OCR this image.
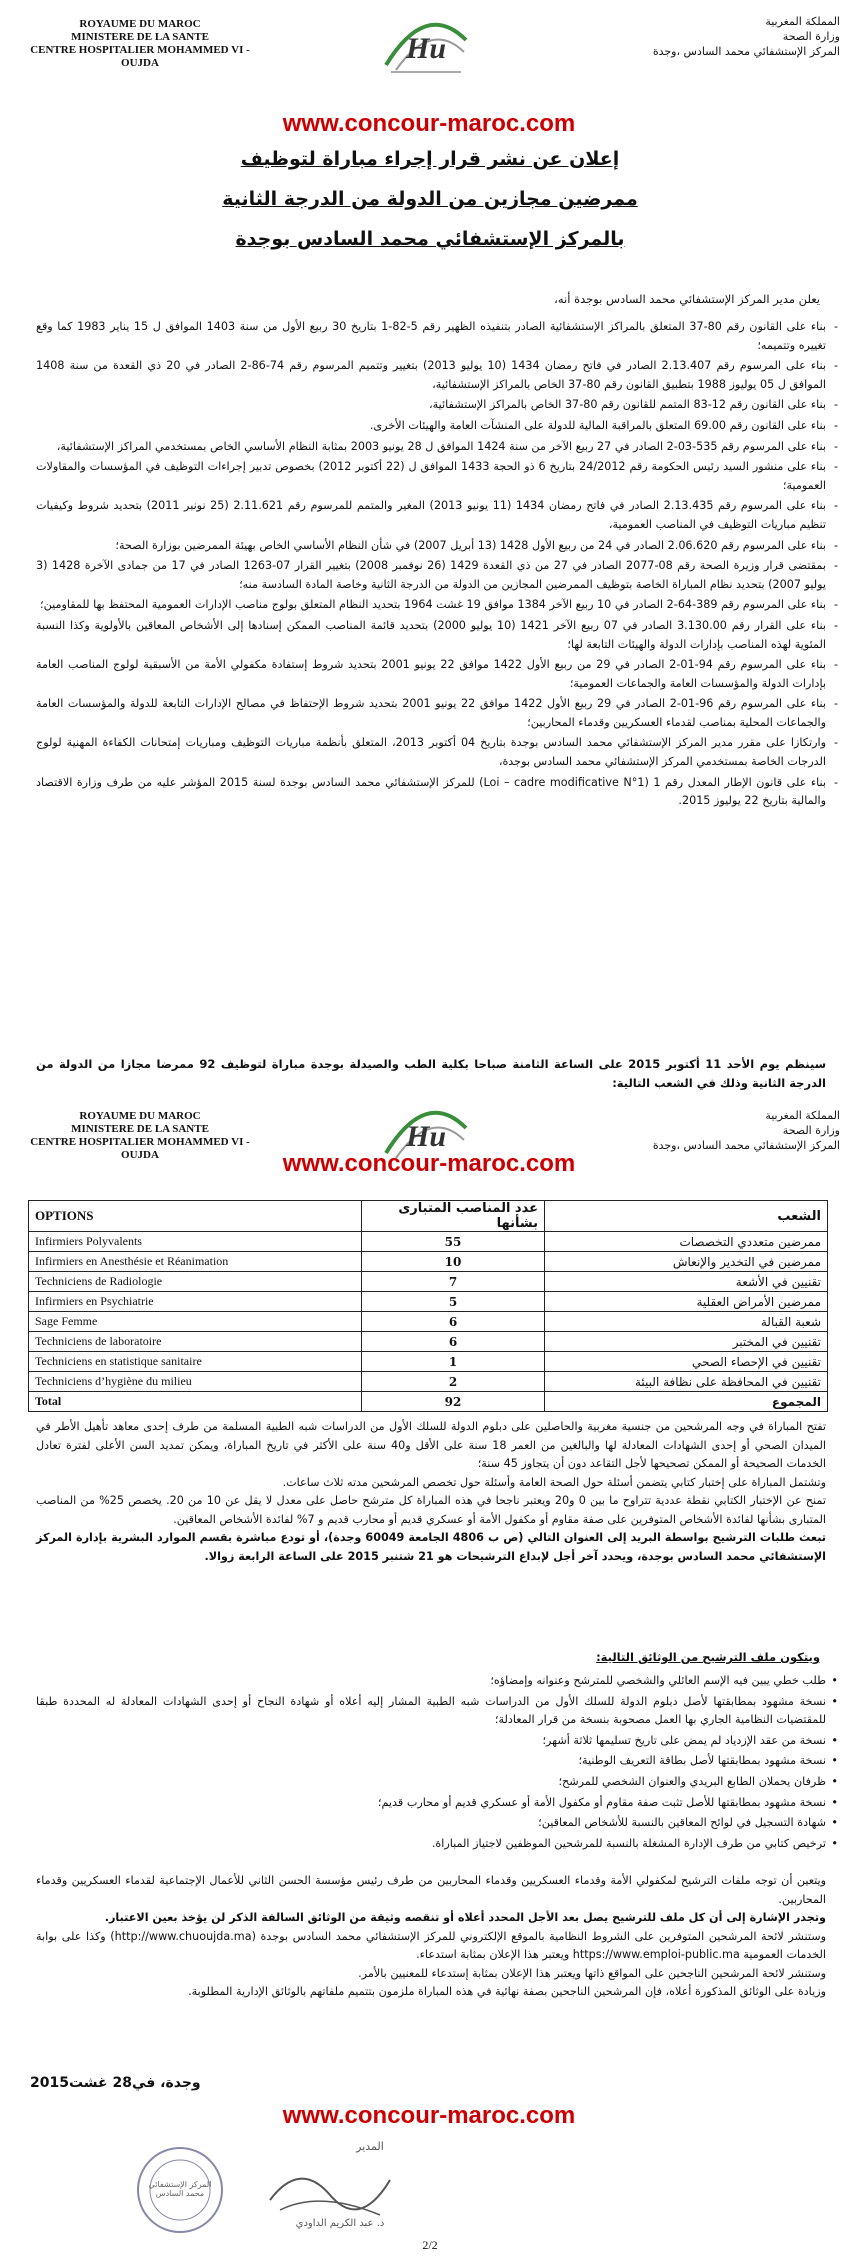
ROYAUME DU MAROC
MINISTERE DE LA SANTE
CENTRE HOSPITALIER MOHAMMED VI - OUJDA	Hu
المملكة المغربية
وزارة الصحة
المركز الإستشفائي محمد السادس ،وجدة
www.concour-maroc.com
إعلان عن نشر قرار إجراء مباراة لتوظيف
ممرضين مجازين من الدولة من الدرجة الثانية
بالمركز الإستشفائي محمد السادس بوجدة
يعلن مدير المركز الإستشفائي محمد السادس بوجدة أنه،
- بناء على القانون رقم 80-37 المتعلق بالمراكز الإستشفائية الصادر بتنفيذه الظهير رقم 5-82-1 بتاريخ 30 ربيع الأول من سنة 1403 الموافق ل 15 يناير 1983 كما وقع تغييره وتتميمه؛
- بناء على المرسوم رقم 2.13.407 الصادر في فاتح رمضان 1434 (10 يوليو 2013) بتغيير وتتميم المرسوم رقم 74-86-2 الصادر في 20 ذي القعدة من سنة 1408 الموافق ل 05 يوليوز 1988 بتطبيق القانون رقم 80-37 الخاص بالمراكز الإستشفائية،
- بناء على القانون رقم 12-83 المتمم للقانون رقم 80-37 الخاص بالمراكز الإستشفائية،
- بناء على القانون رقم 69.00 المتعلق بالمراقبة المالية للدولة على المنشآت العامة والهيئات الأخرى.
- بناء على المرسوم رقم 535-03-2 الصادر في 27 ربيع الآخر من سنة 1424 الموافق ل 28 يونيو 2003 بمثابة النظام الأساسي الخاص بمستخدمي المراكز الإستشفائية،
- بناء على منشور السيد رئيس الحكومة رقم 24/2012 بتاريخ 6 ذو الحجة 1433 الموافق ل (22 أكتوبر 2012) بخصوص تدبير إجراءات التوظيف في المؤسسات والمقاولات العمومية؛
- بناء على المرسوم رقم 2.13.435 الصادر في فاتح رمضان 1434 (11 يونيو 2013) المغير والمتمم للمرسوم رقم 2.11.621 (25 نونبر 2011) بتحديد شروط وكيفيات تنظيم مباريات التوظيف في المناصب العمومية،
- بناء على المرسوم رقم 2.06.620 الصادر في 24 من ربيع الأول 1428 (13 أبريل 2007) في شأن النظام الأساسي الخاص بهيئة الممرضين بوزارة الصحة؛
- بمقتضى قرار وزيرة الصحة رقم 08-2077 الصادر في 27 من ذي القعدة 1429 (26 نوفمبر 2008) بتغيير القرار 07-1263 الصادر في 17 من جمادى الآخرة 1428 (3 يوليو 2007) بتحديد نظام المباراة الخاصة بتوظيف الممرضين المجازين من الدولة من الدرجة الثانية وخاصة المادة السادسة منه؛
- بناء على المرسوم رقم 389-64-2 الصادر في 10 ربيع الآخر 1384 موافق 19 غشت 1964 بتحديد النظام المتعلق بولوج مناصب الإدارات العمومية المحتفظ بها للمقاومين؛
- بناء على القرار رقم 3.130.00 الصادر في 07 ربيع الآخر 1421 (10 يوليو 2000) بتحديد قائمة المناصب الممكن إسنادها إلى الأشخاص المعاقين بالأولوية وكذا النسبة المئوية لهذه المناصب بإدارات الدولة والهيئات التابعة لها؛
- بناء على المرسوم رقم 94-01-2 الصادر في 29 من ربيع الأول 1422 موافق 22 يونيو 2001 بتحديد شروط إستفادة مكفولي الأمة من الأسبقية لولوج المناصب العامة بإدارات الدولة والمؤسسات العامة والجماعات العمومية؛
- بناء على المرسوم رقم 96-01-2 الصادر في 29 ربيع الأول 1422 موافق 22 يونيو 2001 بتحديد شروط الإحتفاظ في مصالح الإدارات التابعة للدولة والمؤسسات العامة والجماعات المحلية بمناصب لقدماء العسكريين وقدماء المحاربين؛
- وارتكازا على مقرر مدير المركز الإستشفائي محمد السادس بوجدة بتاريخ 04 أكتوبر 2013، المتعلق بأنظمة مباريات التوظيف ومباريات إمتحانات الكفاءة المهنية لولوج الدرجات الخاصة بمستخدمي المركز الإستشفائي محمد السادس بوجدة،
- بناء على قانون الإطار المعدل رقم 1 (Loi – cadre modificative N°1) للمركز الإستشفائي محمد السادس بوجدة لسنة 2015 المؤشر عليه من طرف وزارة الاقتصاد والمالية بتاريخ 22 يوليوز 2015.
سينظم يوم الأحد 11 أكتوبر 2015 على الساعة الثامنة صباحا بكلية الطب والصيدلة بوجدة مباراة لتوظيف 92 ممرضا مجازا من الدولة من الدرجة الثانية وذلك في الشعب التالية:
ROYAUME DU MAROC
MINISTERE DE LA SANTE
CENTRE HOSPITALIER MOHAMMED VI - OUJDA
Hu
المملكة المغربية
وزارة الصحة
المركز الإستشفائي محمد السادس ،وجدة
www.concour-maroc.com
OPTIONS	عدد المناصب المتبارى بشأنها	الشعب
Infirmiers Polyvalents	55	ممرضين متعددي التخصصات
Infirmiers en Anesthésie et Réanimation	10	ممرضين في التخدير والإنعاش
Techniciens de Radiologie	7	تقنيين في الأشعة
Infirmiers en Psychiatrie	5	ممرضين الأمراض العقلية
Sage Femme	6	شعبة القبالة
Techniciens de laboratoire	6	تقنيين في المختبر
Techniciens en statistique sanitaire	1	تقنيين في الإحصاء الصحي
Techniciens d’hygiène du milieu	2	تقنيين في المحافظة على نظافة البيئة
Total	92	المجموع
تفتح المباراة في وجه المرشحين من جنسية مغربية والحاصلين على دبلوم الدولة للسلك الأول من الدراسات شبه الطبية المسلمة من طرف إحدى معاهد تأهيل الأطر في الميدان الصحي أو إحدى الشهادات المعادلة لها والبالغين من العمر 18 سنة على الأقل و40 سنة على الأكثر في تاريخ المباراة، ويمكن تمديد السن الأعلى لفترة تعادل الخدمات الصحيحة أو الممكن تصحيحها لأجل التقاعد دون أن يتجاوز 45 سنة؛
وتشتمل المباراة على إختبار كتابي يتضمن أسئلة حول الصحة العامة وأسئلة حول تخصص المرشحين مدته ثلاث ساعات.
تمنح عن الإختبار الكتابي نقطة عددية تتراوح ما بين 0 و20 ويعتبر ناجحا في هذه المباراة كل مترشح حاصل على معدل لا يقل عن 10 من 20. يخصص 25% من المناصب المتبارى بشأنها لفائدة الأشخاص المتوفرين على صفة مقاوم أو مكفول الأمة أو عسكري قديم أو محارب قديم و 7% لفائدة الأشخاص المعاقين.
تبعث طلبات الترشيح بواسطة البريد إلى العنوان التالي (ص ب 4806 الجامعة 60049 وجدة)، أو تودع مباشرة بقسم الموارد البشرية بإدارة المركز الإستشفائي محمد السادس بوجدة، ويحدد آخر أجل لإبداع الترشيحات هو 21 شتنبر 2015 على الساعة الرابعة زوالا.
ويتكون ملف الترشيح من الوثائق التالية:
• طلب خطي يبين فيه الإسم العائلي والشخصي للمترشح وعنوانه وإمضاؤه؛
• نسخة مشهود بمطابقتها لأصل دبلوم الدولة للسلك الأول من الدراسات شبه الطبية المشار إليه أعلاه أو شهادة النجاح أو إحدى الشهادات المعادلة له المحددة طبقا للمقتضيات النظامية الجاري بها العمل مصحوبة بنسخة من قرار المعادلة؛
• نسخة من عقد الإزدياد لم يمض على تاريخ تسليمها ثلاثة أشهر؛
• نسخة مشهود بمطابقتها لأصل بطاقة التعريف الوطنية؛
• ظرفان يحملان الطابع البريدي والعنوان الشخصي للمرشح؛
• نسخة مشهود بمطابقتها للأصل تثبت صفة مقاوم أو مكفول الأمة أو عسكري قديم أو محارب قديم؛
• شهادة التسجيل في لوائح المعاقين بالنسبة للأشخاص المعاقين؛
• ترخيص كتابي من طرف الإدارة المشغلة بالنسبة للمرشحين الموظفين لاجتياز المباراة.
ويتعين أن توجه ملفات الترشيح لمكفولي الأمة وقدماء العسكريين وقدماء المحاربين من طرف رئيس مؤسسة الحسن الثاني للأعمال الإجتماعية لقدماء العسكريين وقدماء المحاربين.
وتجدر الإشارة إلى أن كل ملف للترشيح يصل بعد الأجل المحدد أعلاه أو تنقصه وثيقة من الوثائق السالفة الذكر لن يؤخذ بعين الاعتبار.
وستنشر لائحة المرشحين المتوفرين على الشروط النظامية بالموقع الإلكتروني للمركز الإستشفائي محمد السادس بوجدة (http://www.chuoujda.ma) وكذا على بوابة الخدمات العمومية https://www.emploi-public.ma ويعتبر هذا الإعلان بمثابة استدعاء.
وستنشر لائحة المرشحين الناجحين على المواقع ذاتها ويعتبر هذا الإعلان بمثابة إستدعاء للمعنيين بالأمر.
وزيادة على الوثائق المذكورة أعلاه، فإن المرشحين الناجحين بصفة نهائية في هذه المباراة ملزمون بتتميم ملفاتهم بالوثائق الإدارية المطلوبة.
وجدة، في28 غشت2015
www.concour-maroc.com
المركز الإستشفائي محمد السادس
المدير
د. عبد الكريم الداودي
2/2
